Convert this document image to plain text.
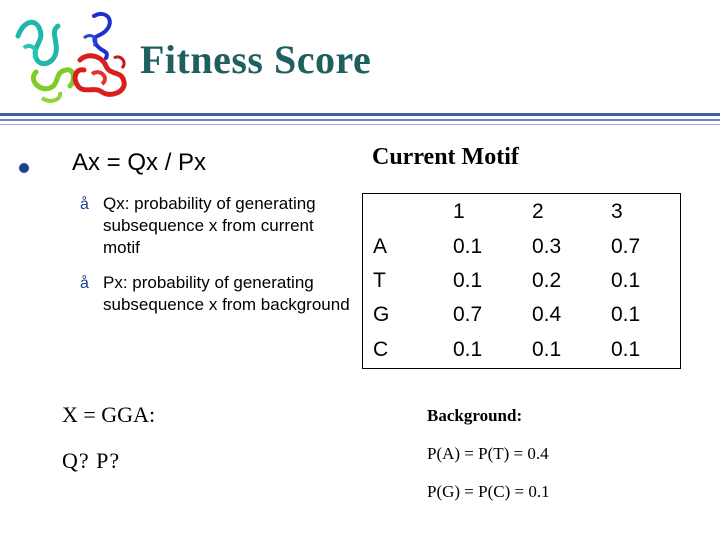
Fitness Score
Ax = Qx / Px
å Qx: probability of generating subsequence x from current motif
å Px: probability of generating subsequence x from background
Current Motif
	1	2	3
A	0.1	0.3	0.7
T	0.1	0.2	0.1
G	0.7	0.4	0.1
C	0.1	0.1	0.1
X = GGA:
Q? P?
Background:
P(A) = P(T) = 0.4
P(G) = P(C) = 0.1
